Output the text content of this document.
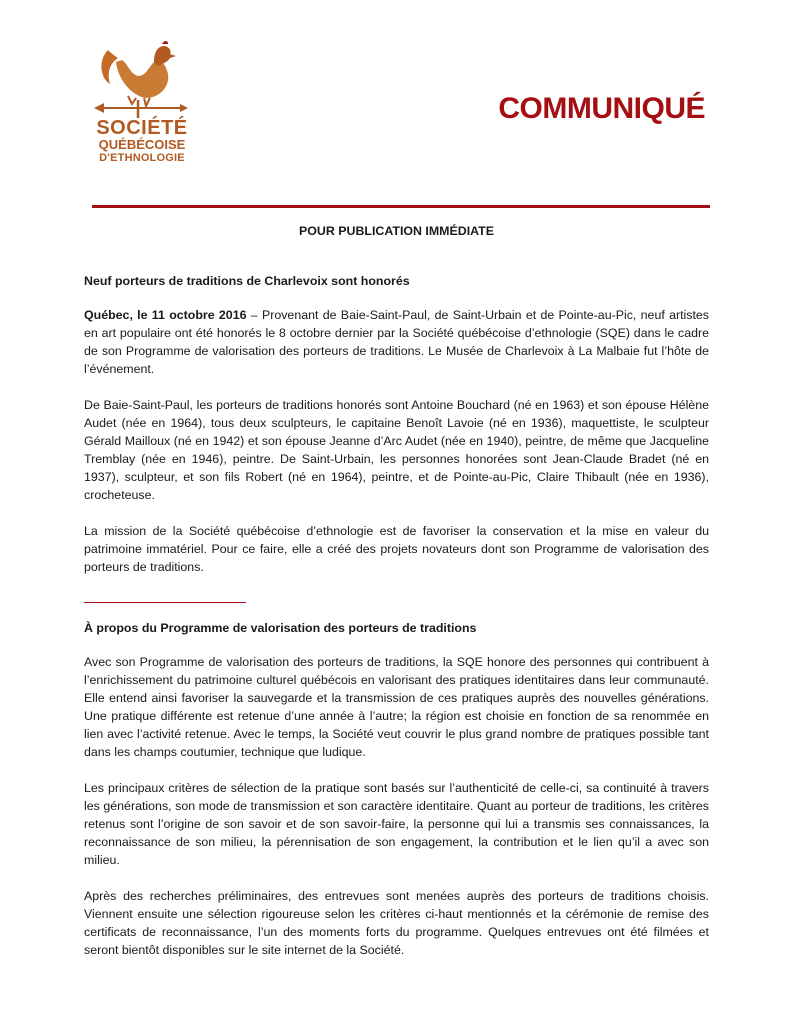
SOCIÉTÉ
QUÉBÉCOISE
D'ETHNOLOGIE
COMMUNIQUÉ
POUR PUBLICATION IMMÉDIATE
Neuf porteurs de traditions de Charlevoix sont honorés

Québec, le 11 octobre 2016 – Provenant de Baie-Saint-Paul, de Saint-Urbain et de Pointe-au-Pic, neuf artistes en art populaire ont été honorés le 8 octobre dernier par la Société québécoise d’ethnologie (SQE) dans le cadre de son Programme de valorisation des porteurs de traditions. Le Musée de Charlevoix à La Malbaie fut l’hôte de l’événement.

De Baie-Saint-Paul, les porteurs de traditions honorés sont Antoine Bouchard (né en 1963) et son épouse Hélène Audet (née en 1964), tous deux sculpteurs, le capitaine Benoît Lavoie (né en 1936), maquettiste, le sculpteur Gérald Mailloux (né en 1942) et son épouse Jeanne d’Arc Audet (née en 1940), peintre, de même que Jacqueline Tremblay (née en 1946), peintre. De Saint-Urbain, les personnes honorées sont Jean-Claude Bradet (né en 1937), sculpteur, et son fils Robert (né en 1964), peintre, et de Pointe-au-Pic, Claire Thibault (née en 1936), crocheteuse.

La mission de la Société québécoise d’ethnologie est de favoriser la conservation et la mise en valeur du patrimoine immatériel. Pour ce faire, elle a créé des projets novateurs dont son Programme de valorisation des porteurs de traditions.

À propos du Programme de valorisation des porteurs de traditions

Avec son Programme de valorisation des porteurs de traditions, la SQE honore des personnes qui contribuent à l’enrichissement du patrimoine culturel québécois en valorisant des pratiques identitaires dans leur communauté. Elle entend ainsi favoriser la sauvegarde et la transmission de ces pratiques auprès des nouvelles générations. Une pratique différente est retenue d’une année à l’autre; la région est choisie en fonction de sa renommée en lien avec l’activité retenue. Avec le temps, la Société veut couvrir le plus grand nombre de pratiques possible tant dans les champs coutumier, technique que ludique.

Les principaux critères de sélection de la pratique sont basés sur l’authenticité de celle-ci, sa continuité à travers les générations, son mode de transmission et son caractère identitaire. Quant au porteur de traditions, les critères retenus sont l’origine de son savoir et de son savoir-faire, la personne qui lui a transmis ses connaissances, la reconnaissance de son milieu, la pérennisation de son engagement, la contribution et le lien qu’il a avec son milieu.

Après des recherches préliminaires, des entrevues sont menées auprès des porteurs de traditions choisis. Viennent ensuite une sélection rigoureuse selon les critères ci-haut mentionnés et la cérémonie de remise des certificats de reconnaissance, l’un des moments forts du programme. Quelques entrevues ont été filmées et seront bientôt disponibles sur le site internet de la Société.
